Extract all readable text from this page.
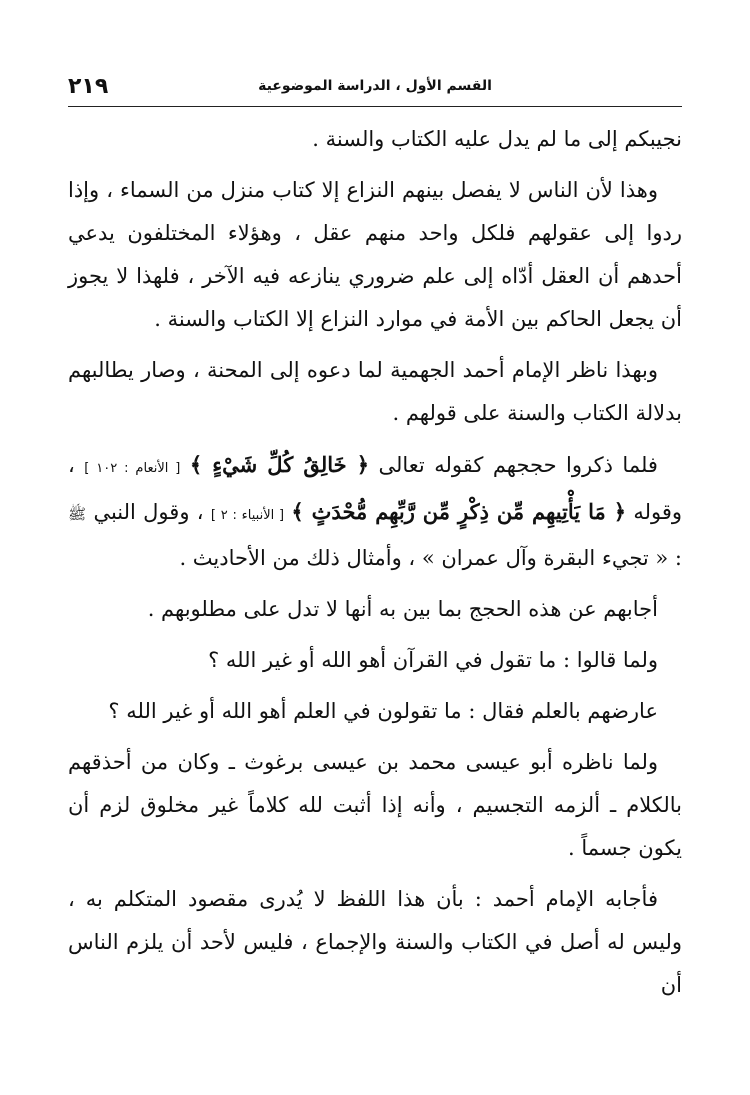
القسم الأول ، الدراسة الموضوعية
٢١٩

نجيبكم إلى ما لم يدل عليه الكتاب والسنة .

وهذا لأن الناس لا يفصل بينهم النزاع إلا كتاب منزل من السماء ، وإذا ردوا إلى عقولهم فلكل واحد منهم عقل ، وهؤلاء المختلفون يدعي أحدهم أن العقل أدّاه إلى علم ضروري ينازعه فيه الآخر ، فلهذا لا يجوز أن يجعل الحاكم بين الأمة في موارد النزاع إلا الكتاب والسنة .

وبهذا ناظر الإمام أحمد الجهمية لما دعوه إلى المحنة ، وصار يطالبهم بدلالة الكتاب والسنة على قولهم .

فلما ذكروا حججهم كقوله تعالى ﴿ خَالِقُ كُلِّ شَيْءٍ ﴾ [ الأنعام : ١٠٢ ] ، وقوله ﴿ مَا يَأْتِيهِم مِّن ذِكْرٍ مِّن رَّبِّهِم مُّحْدَثٍ ﴾ [ الأنبياء : ٢ ] ، وقول النبي ﷺ : « تجيء البقرة وآل عمران » ، وأمثال ذلك من الأحاديث .

أجابهم عن هذه الحجج بما بين به أنها لا تدل على مطلوبهم .

ولما قالوا : ما تقول في القرآن أهو الله أو غير الله ؟

عارضهم بالعلم فقال : ما تقولون في العلم أهو الله أو غير الله ؟

ولما ناظره أبو عيسى محمد بن عيسى برغوث ـ وكان من أحذقهم بالكلام ـ ألزمه التجسيم ، وأنه إذا أثبت لله كلاماً غير مخلوق لزم أن يكون جسماً .

فأجابه الإمام أحمد : بأن هذا اللفظ لا يُدرى مقصود المتكلم به ، وليس له أصل في الكتاب والسنة والإجماع ، فليس لأحد أن يلزم الناس أن
